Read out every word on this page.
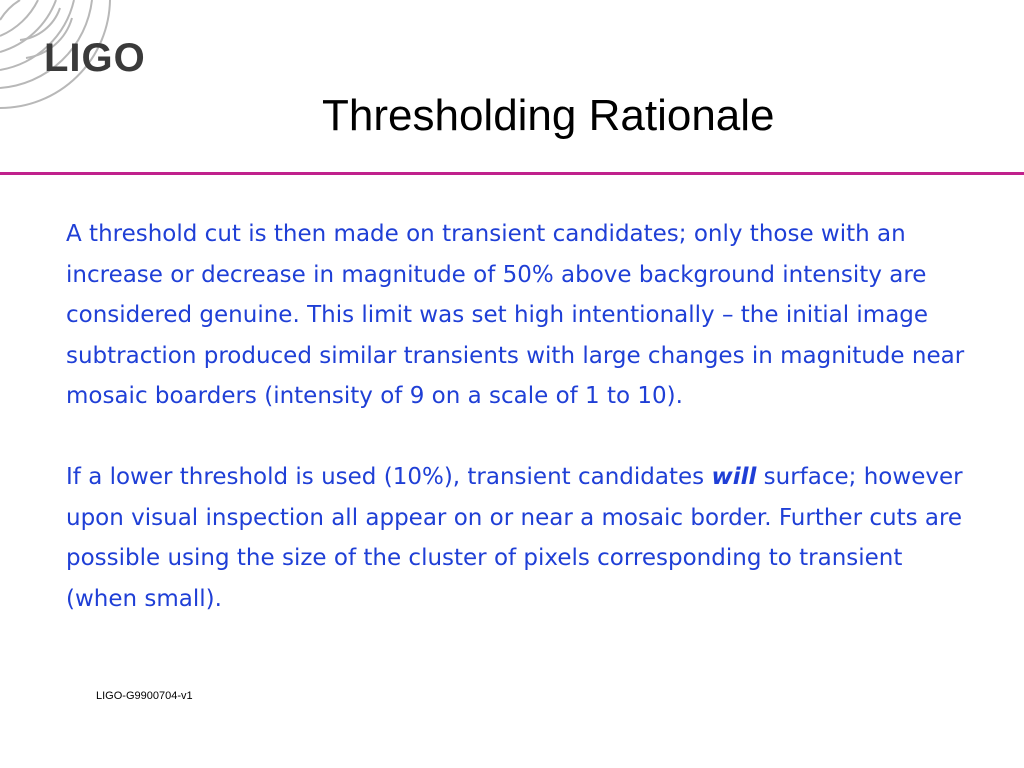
LIGO
Thresholding Rationale

A threshold cut is then made on transient candidates; only those with an increase or decrease in magnitude of 50% above background intensity are considered genuine. This limit was set high intentionally – the initial image subtraction produced similar transients with large changes in magnitude near mosaic boarders (intensity of 9 on a scale of 1 to 10).

If a lower threshold is used (10%), transient candidates will surface; however upon visual inspection all appear on or near a mosaic border. Further cuts are possible using the size of the cluster of pixels corresponding to transient (when small).

LIGO-G9900704-v1
